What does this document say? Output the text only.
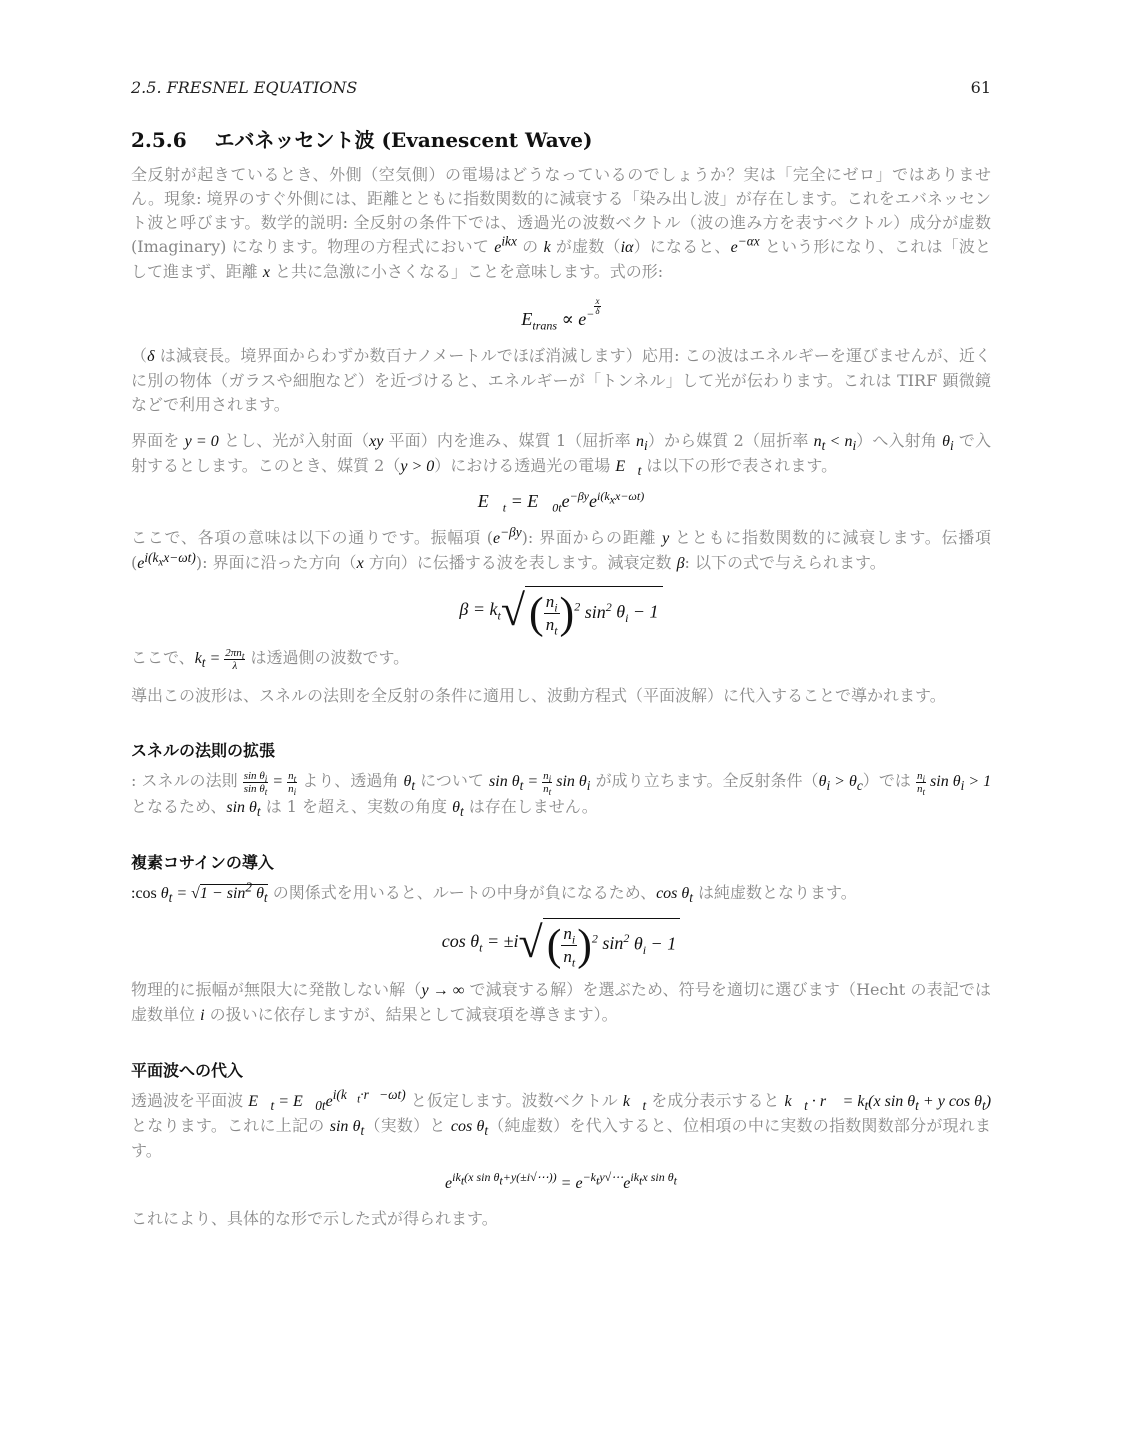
2.5. FRESNEL EQUATIONS	61
2.5.6 エバネッセント波 (Evanescent Wave)

全反射が起きているとき、外側（空気側）の電場はどうなっているのでしょうか？実は「完全にゼロ」ではありません。現象: 境界のすぐ外側には、距離とともに指数関数的に減衰する「染み出し波」が存在します。これをエバネッセント波と呼びます。数学的説明: 全反射の条件下では、透過光の波数ベクトル（波の進み方を表すベクトル）成分が虚数 (Imaginary) になります。物理の方程式において $e^{ikx}$ の k が虚数（iα）になると、$e^{-\alpha x}$ という形になり、これは「波として進まず、距離 x と共に急激に小さくなる」ことを意味します。式の形:

$E_{trans} \propto e^{- \frac{x}{\delta}}$

（δ は減衰長。境界面からわずか数百ナノメートルでほぼ消滅します）応用: この波はエネルギーを運びませんが、近くに別の物体（ガラスや細胞など）を近づけると、エネルギーが「トンネル」して光が伝わります。これは TIRF 顕微鏡などで利用されます。

界面を y = 0 とし、光が入射面（xy 平面）内を進み、媒質 1（屈折率 $n_i$）から媒質 2（屈折率 $n_t < n_i$）へ入射角 $\theta_i$ で入射するとします。このとき、媒質 2（y > 0）における透過光の電場 $E⃗_t$ は以下の形で表されます。

$E⃗_t$ = $E⃗_{0t}e^{-\beta y}e^{i(k_xx-\omega t)}$

ここで、各項の意味は以下の通りです。振幅項 $(e^{-\beta y})$: 界面からの距離 y とともに指数関数的に減衰します。伝播項 $(e^{i(k_xx-\omega t)})$: 界面に沿った方向（x 方向）に伝播する波を表します。減衰定数 β: 以下の式で与えられます。

$\beta = k_t√( \frac{n_i}{n_t} )^2$ $\sin^2 \theta_i - 1$

ここで、$k_t = \frac{2\pi n_t}{\lambda}$ は透過側の波数です。

導出この波形は、スネルの法則を全反射の条件に適用し、波動方程式（平面波解）に代入することで導かれます。

スネルの法則の拡張

: スネルの法則 $\frac{\sin \theta_i}{\sin \theta_t} = \frac{n_t}{n_i}$ より、透過角 $\theta_t$ について $\sin \theta_t = \frac{n_i}{n_t}$ $\sin \theta_i$ が成り立ちます。全反射条件$(\theta_i > \theta_c)$では $\frac{n_i}{n_t}$ $\sin \theta_i > 1$ となるため、$\sin \theta_t$ は 1 を超え、実数の角度 $\theta_t$ は存在しません。

複素コサインの導入

:cos $\theta_t = √1 - \sin^2 \theta_t$ の関係式を用いると、ルートの中身が負になるため、$\cos \theta_t$ は純虚数となります。

$\cos \theta_t = \pm i√( \frac{n_i}{n_t} )^2$ $\sin^2 \theta_i - 1$

物理的に振幅が無限大に発散しない解（y → ∞ で減衰する解）を選ぶため、符号を適切に選びます（Hecht の表記では虚数単位 i の扱いに依存しますが、結果として減衰項を導きます）。

平面波への代入

透過波を平面波 $E⃗_t$ = $E⃗_{0t}e^{i(k⃗_t\cdot r⃗-\omega t)}$ と仮定します。波数ベクトル $k⃗_t$ を成分表示すると $k⃗_t$ · r⃗ = $k_t(x$ $\sin \theta_t + y$ $\cos \theta_t$) となります。これに上記の $\sin \theta_t$（実数）と $\cos \theta_t$（純虚数）を代入すると、位相項の中に実数の指数関数部分が現れます。

$e^{ik_t(x sin \theta_t+y(\pm i√\cdots))} = e^{-k_ty√\cdots}e^{ik_tx sin \theta_t}$

これにより、具体的な形で示した式が得られます。
